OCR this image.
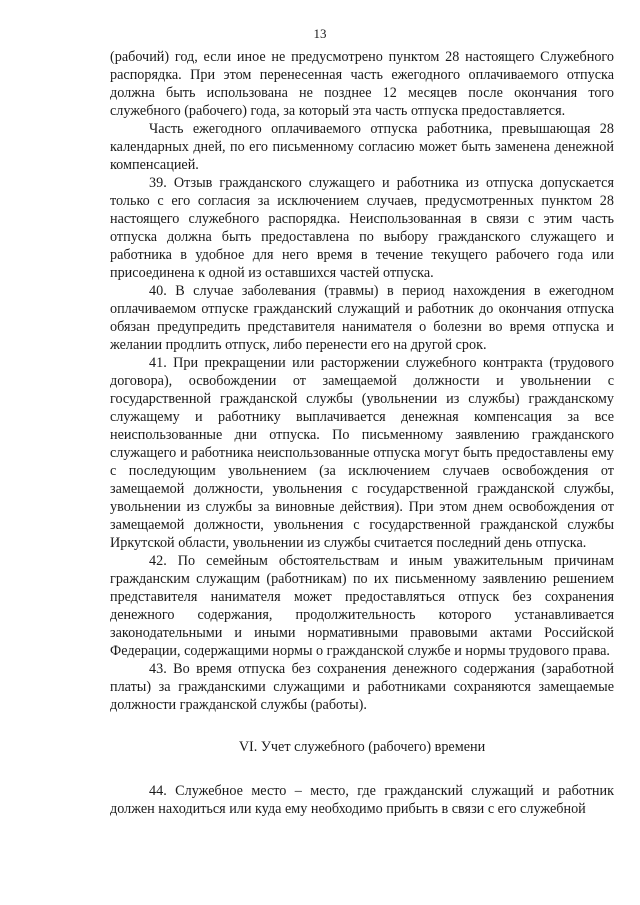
13

(рабочий) год, если иное не предусмотрено пунктом 28 настоящего Служебного распорядка. При этом перенесенная часть ежегодного оплачиваемого отпуска должна быть использована не позднее 12 месяцев после окончания того служебного (рабочего) года, за который эта часть отпуска предоставляется.

Часть ежегодного оплачиваемого отпуска работника, превышающая 28 календарных дней, по его письменному согласию может быть заменена денежной компенсацией.

39. Отзыв гражданского служащего и работника из отпуска допускается только с его согласия за исключением случаев, предусмотренных пунктом 28 настоящего служебного распорядка. Неиспользованная в связи с этим часть отпуска должна быть предоставлена по выбору гражданского служащего и работника в удобное для него время в течение текущего рабочего года или присоединена к одной из оставшихся частей отпуска.

40. В случае заболевания (травмы) в период нахождения в ежегодном оплачиваемом отпуске гражданский служащий и работник до окончания отпуска обязан предупредить представителя нанимателя о болезни во время отпуска и желании продлить отпуск, либо перенести его на другой срок.

41. При прекращении или расторжении служебного контракта (трудового договора), освобождении от замещаемой должности и увольнении с государственной гражданской службы (увольнении из службы) гражданскому служащему и работнику выплачивается денежная компенсация за все неиспользованные дни отпуска. По письменному заявлению гражданского служащего и работника неиспользованные отпуска могут быть предоставлены ему с последующим увольнением (за исключением случаев освобождения от замещаемой должности, увольнения с государственной гражданской службы, увольнении из службы за виновные действия). При этом днем освобождения от замещаемой должности, увольнения с государственной гражданской службы Иркутской области, увольнении из службы считается последний день отпуска.

42. По семейным обстоятельствам и иным уважительным причинам гражданским служащим (работникам) по их письменному заявлению решением представителя нанимателя может предоставляться отпуск без сохранения денежного содержания, продолжительность которого устанавливается законодательными и иными нормативными правовыми актами Российской Федерации, содержащими нормы о гражданской службе и нормы трудового права.

43. Во время отпуска без сохранения денежного содержания (заработной платы) за гражданскими служащими и работниками сохраняются замещаемые должности гражданской службы (работы).

VI. Учет служебного (рабочего) времени

44. Служебное место – место, где гражданский служащий и работник должен находиться или куда ему необходимо прибыть в связи с его служебной
